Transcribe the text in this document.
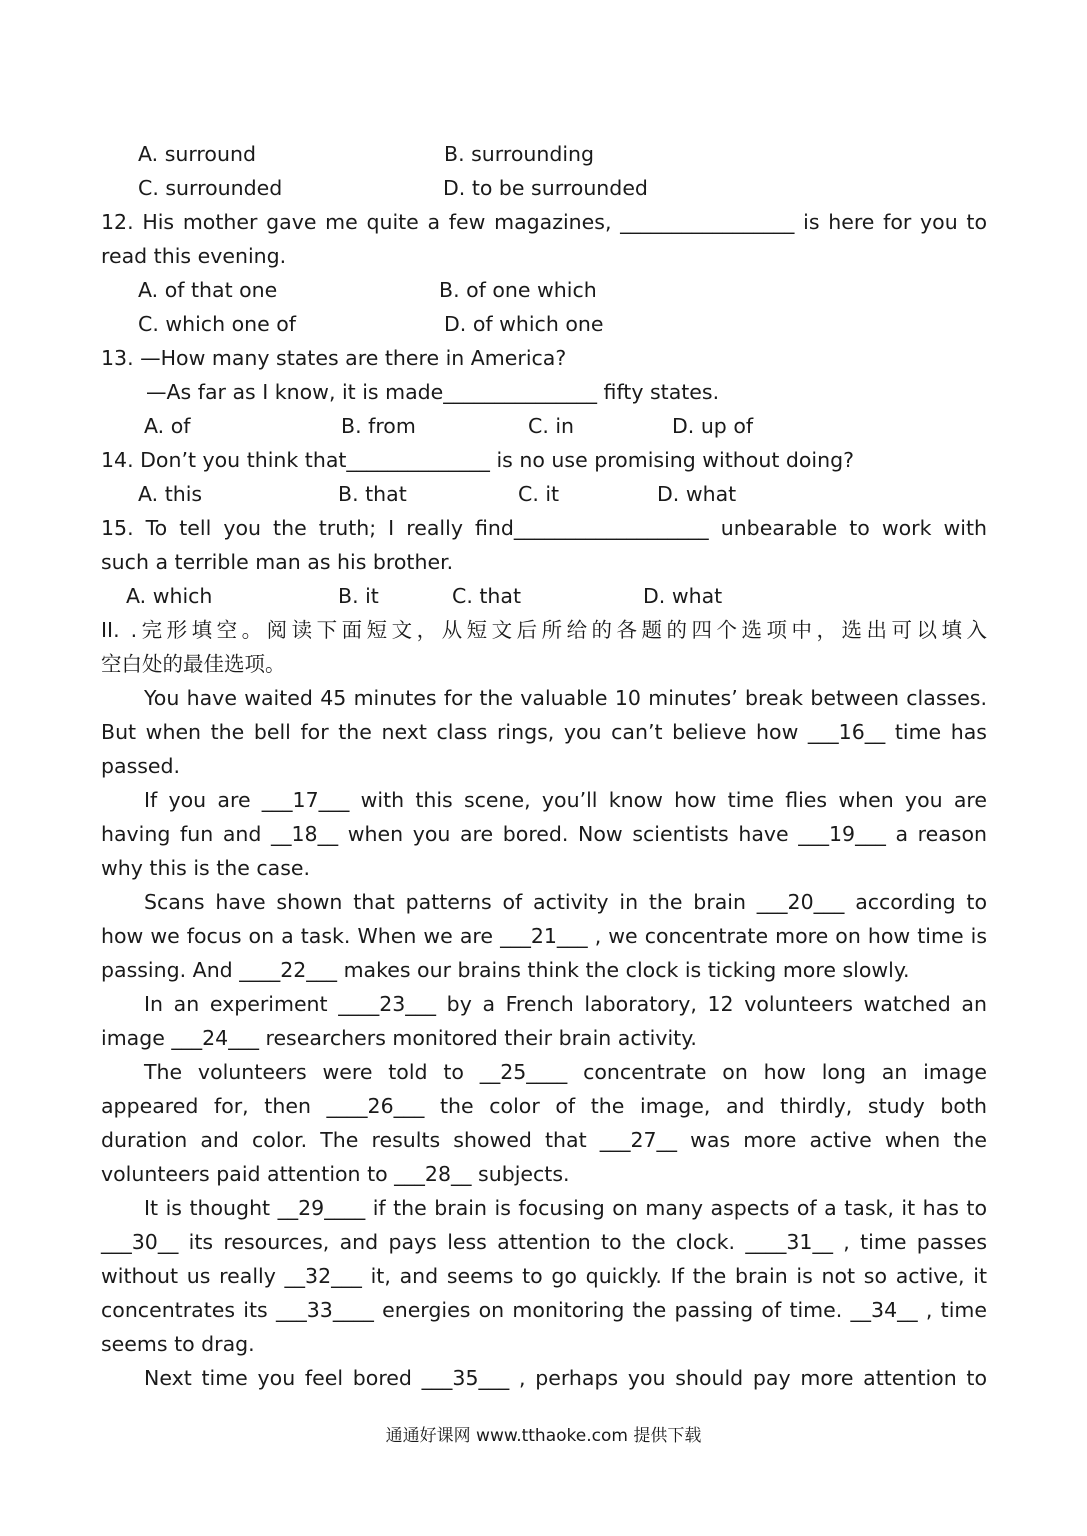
A. surround	B. surrounding
C. surrounded	D. to be surrounded
12. His mother gave me quite a few magazines, _________________ is here for you to
read this evening.
A. of that one	B. of one which
C. which one of	D. of which one
13. —How many states are there in America?
—As far as I know, it is made_______________ fifty states.
A. of	B. from	C. in	D. up of
14. Don’t you think that______________ is no use promising without doing?
A. this	B. that	C. it	D. what
15. To tell you the truth; I really find___________________ unbearable to work with
such a terrible man as his brother.
A. which	B. it	C. that	D. what
II. .完形填空。阅读下面短文，从短文后所给的各题的四个选项中，选出可以填入
空白处的最佳选项。
You have waited 45 minutes for the valuable 10 minutes’ break between classes.
But when the bell for the next class rings, you can’t believe how ___16__ time has
passed.
If you are ___17___ with this scene, you’ll know how time flies when you are
having fun and __18__ when you are bored. Now scientists have ___19___ a reason
why this is the case.
Scans have shown that patterns of activity in the brain ___20___ according to
how we focus on a task. When we are ___21___ , we concentrate more on how time is
passing. And ____22___ makes our brains think the clock is ticking more slowly.
In an experiment ____23___ by a French laboratory, 12 volunteers watched an
image ___24___ researchers monitored their brain activity.
The volunteers were told to __25____ concentrate on how long an image
appeared for, then ____26___ the color of the image, and thirdly, study both
duration and color. The results showed that ___27__ was more active when the
volunteers paid attention to ___28__ subjects.
It is thought __29____ if the brain is focusing on many aspects of a task, it has to
___30__ its resources, and pays less attention to the clock. ____31__ , time passes
without us really __32___ it, and seems to go quickly. If the brain is not so active, it
concentrates its ___33____ energies on monitoring the passing of time. __34__ , time
seems to drag.
Next time you feel bored ___35___ , perhaps you should pay more attention to
通通好课网 www.tthaoke.com 提供下载
